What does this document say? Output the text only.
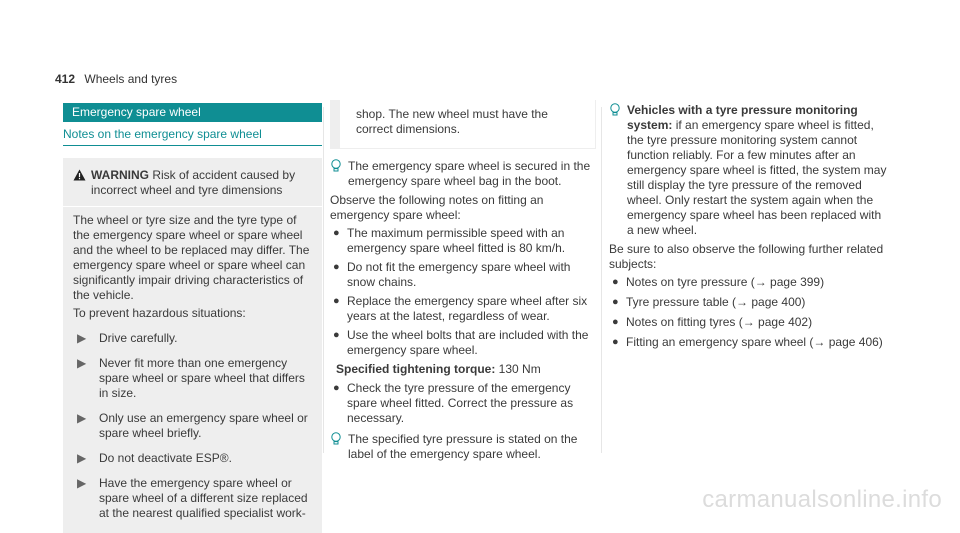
412 Wheels and tyres
Emergency spare wheel
Notes on the emergency spare wheel
WARNING Risk of accident caused by incorrect wheel and tyre dimensions

The wheel or tyre size and the tyre type of the emergency spare wheel or spare wheel and the wheel to be replaced may differ. The emergency spare wheel or spare wheel can significantly impair driving characteristics of the vehicle.

To prevent hazardous situations:

▶	Drive carefully.
▶	Never fit more than one emergency spare wheel or spare wheel that differs in size.
▶	Only use an emergency spare wheel or spare wheel briefly.
▶	Do not deactivate ESP®.
▶	Have the emergency spare wheel or spare wheel of a different size replaced at the nearest qualified specialist work-
shop. The new wheel must have the correct dimensions.
The emergency spare wheel is secured in the emergency spare wheel bag in the boot.

Observe the following notes on fitting an emergency spare wheel:

● The maximum permissible speed with an emergency spare wheel fitted is 80 km/h.
● Do not fit the emergency spare wheel with snow chains.
● Replace the emergency spare wheel after six years at the latest, regardless of wear.
● Use the wheel bolts that are included with the emergency spare wheel.
Specified tightening torque: 130 Nm
● Check the tyre pressure of the emergency spare wheel fitted. Correct the pressure as necessary.
The specified tyre pressure is stated on the label of the emergency spare wheel.
Vehicles with a tyre pressure monitoring system: if an emergency spare wheel is fitted, the tyre pressure monitoring system cannot function reliably. For a few minutes after an emergency spare wheel is fitted, the system may still display the tyre pressure of the removed wheel. Only restart the system again when the emergency spare wheel has been replaced with a new wheel.

Be sure to also observe the following further related subjects:

● Notes on tyre pressure (→ page 399)
● Tyre pressure table (→ page 400)
● Notes on fitting tyres (→ page 402)
● Fitting an emergency spare wheel (→ page 406)
carmanualsonline.info
